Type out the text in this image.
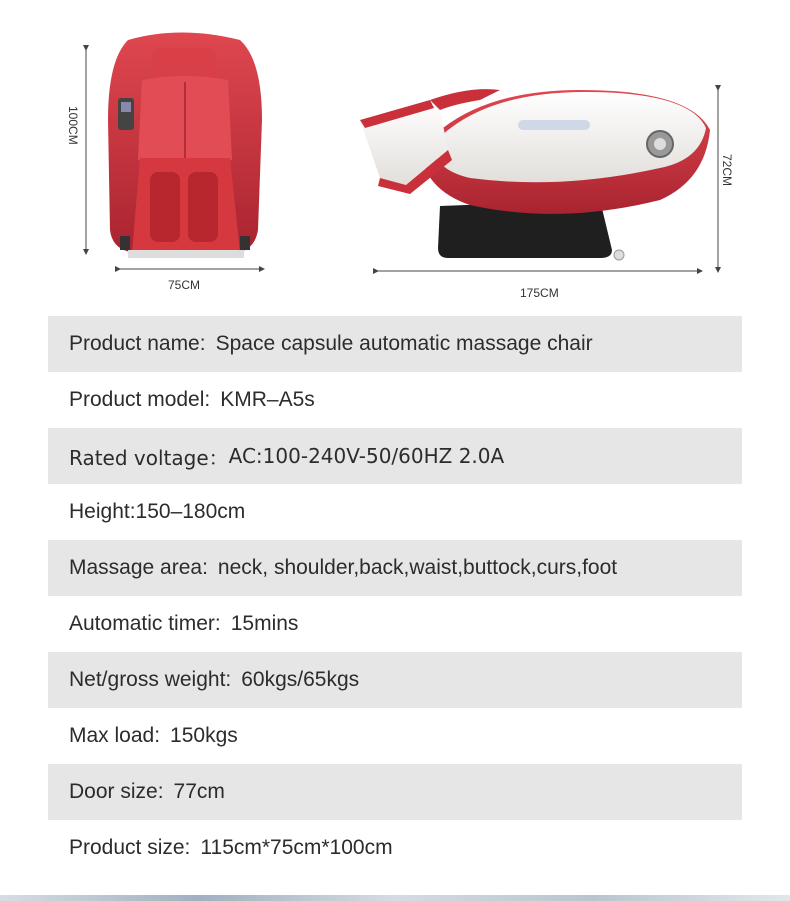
100CM
75CM
72CM
175CM
Product name: Space capsule automatic massage chair
Product model: KMR–A5s
Rated voltage： AC:100-240V-50/60HZ 2.0A
Height:150–180cm
Massage area: neck, shoulder,back,waist,buttock,curs,foot
Automatic timer: 15mins
Net/gross weight: 60kgs/65kgs
Max load: 150kgs
Door size: 77cm
Product size: 115cm*75cm*100cm
